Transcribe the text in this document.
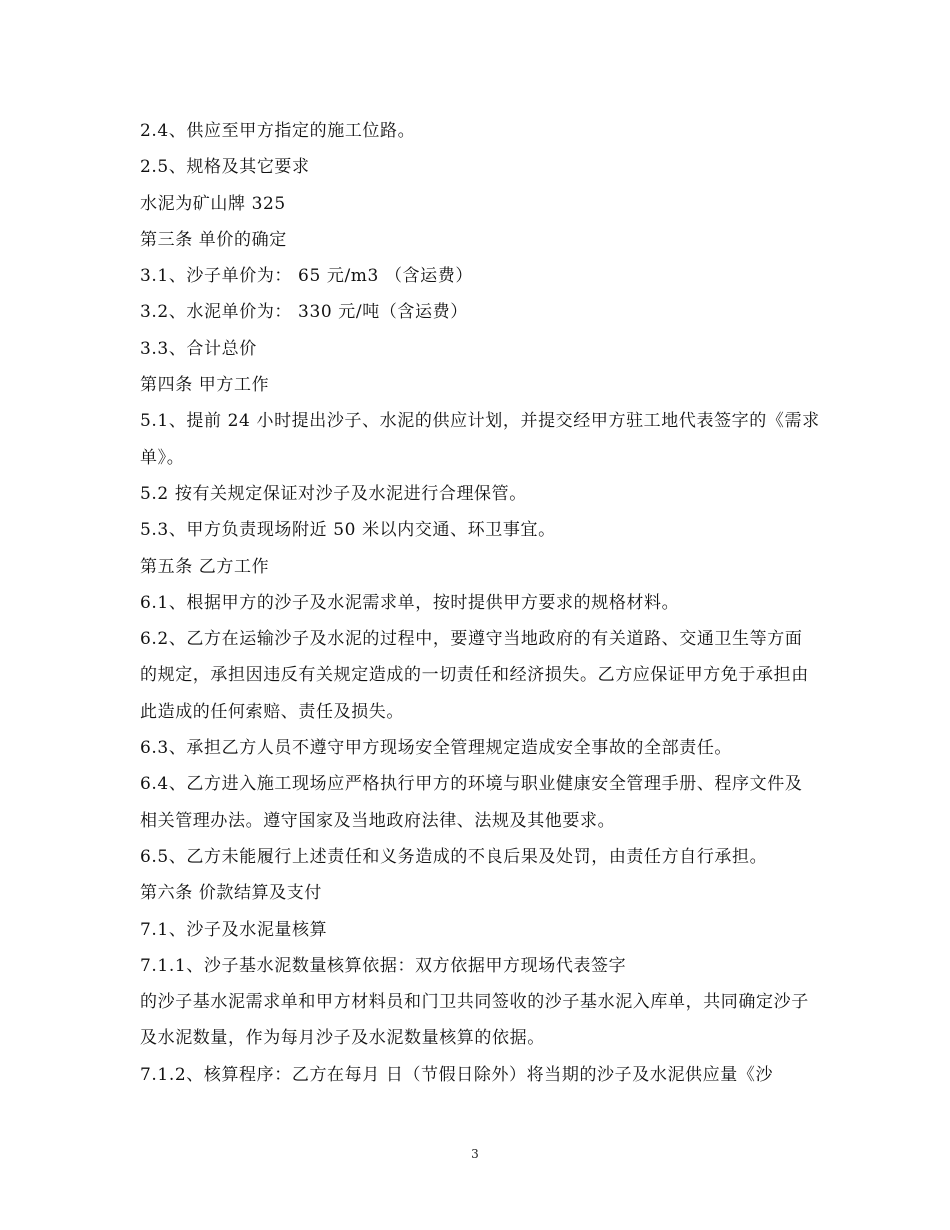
2.4、供应至甲方指定的施工位路。

2.5、规格及其它要求

水泥为矿山牌 325

第三条 单价的确定

3.1、沙子单价为： 65 元/m3 （含运费）

3.2、水泥单价为： 330 元/吨（含运费）

3.3、合计总价

第四条 甲方工作

5.1、提前 24 小时提出沙子、水泥的供应计划，并提交经甲方驻工地代表签字的《需求单》。

5.2 按有关规定保证对沙子及水泥进行合理保管。

5.3、甲方负责现场附近 50 米以内交通、环卫事宜。

第五条 乙方工作

6.1、根据甲方的沙子及水泥需求单，按时提供甲方要求的规格材料。

6.2、乙方在运输沙子及水泥的过程中，要遵守当地政府的有关道路、交通卫生等方面的规定，承担因违反有关规定造成的一切责任和经济损失。乙方应保证甲方免于承担由此造成的任何索赔、责任及损失。

6.3、承担乙方人员不遵守甲方现场安全管理规定造成安全事故的全部责任。

6.4、乙方进入施工现场应严格执行甲方的环境与职业健康安全管理手册、程序文件及相关管理办法。遵守国家及当地政府法律、法规及其他要求。

6.5、乙方未能履行上述责任和义务造成的不良后果及处罚，由责任方自行承担。

第六条 价款结算及支付

7.1、沙子及水泥量核算

7.1.1、沙子基水泥数量核算依据：双方依据甲方现场代表签字

的沙子基水泥需求单和甲方材料员和门卫共同签收的沙子基水泥入库单，共同确定沙子及水泥数量，作为每月沙子及水泥数量核算的依据。

7.1.2、核算程序：乙方在每月 日（节假日除外）将当期的沙子及水泥供应量《沙

3
